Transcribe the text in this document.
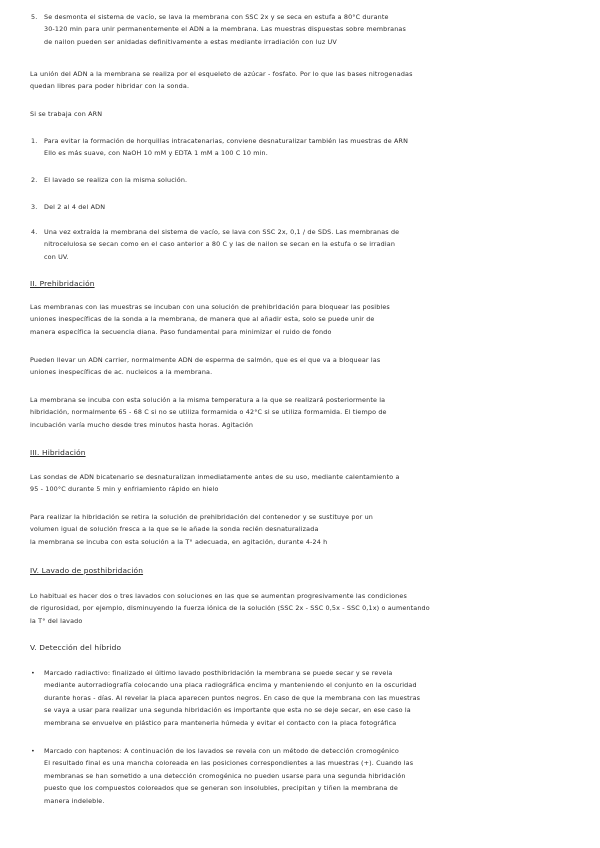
5. Se desmonta el sistema de vacío, se lava la membrana con SSC 2x y se seca en estufa a 80°C durante
30-120 min para unir permanentemente el ADN a la membrana. Las muestras dispuestas sobre membranas
de nailon pueden ser anidadas definitivamente a estas mediante irradiación con luz UV
La unión del ADN a la membrana se realiza por el esqueleto de azúcar - fosfato. Por lo que las bases nitrogenadas
quedan libres para poder hibridar con la sonda.
Si se trabaja con ARN
1. Para evitar la formación de horquillas intracatenarias, conviene desnaturalizar también las muestras de ARN
Ello es más suave, con NaOH 10 mM y EDTA 1 mM a 100 C 10 min.
2. El lavado se realiza con la misma solución.
3. Del 2 al 4 del ADN
4. Una vez extraída la membrana del sistema de vacío, se lava con SSC 2x, 0,1 / de SDS. Las membranas de
nitrocelulosa se secan como en el caso anterior a 80 C y las de nailon se secan en la estufa o se irradian
con UV.
II. Prehibridación
Las membranas con las muestras se incuban con una solución de prehibridación para bloquear las posibles
uniones inespecíficas de la sonda a la membrana, de manera que al añadir esta, solo se puede unir de
manera específica la secuencia diana. Paso fundamental para minimizar el ruido de fondo
Pueden llevar un ADN carrier, normalmente ADN de esperma de salmón, que es el que va a bloquear las
uniones inespecíficas de ac. nucleicos a la membrana.
La membrana se incuba con esta solución a la misma temperatura a la que se realizará posteriormente la
hibridación, normalmente 65 - 68 C si no se utiliza formamida o 42°C si se utiliza formamida. El tiempo de
incubación varía mucho desde tres minutos hasta horas. Agitación
III. Hibridación
Las sondas de ADN bicatenario se desnaturalizan inmediatamente antes de su uso, mediante calentamiento a
95 - 100°C durante 5 min y enfriamiento rápido en hielo
Para realizar la hibridación se retira la solución de prehibridación del contenedor y se sustituye por un
volumen igual de solución fresca a la que se le añade la sonda recién desnaturalizada
la membrana se incuba con esta solución a la T° adecuada, en agitación, durante 4-24 h
IV. Lavado de posthibridación
Lo habitual es hacer dos o tres lavados con soluciones en las que se aumentan progresivamente las condiciones
de rigurosidad, por ejemplo, disminuyendo la fuerza iónica de la solución (SSC 2x - SSC 0,5x - SSC 0,1x) o aumentando
la T° del lavado
V. Detección del híbrido
• Marcado radiactivo: finalizado el último lavado posthibridación la membrana se puede secar y se revela
mediante autorradiografía colocando una placa radiográfica encima y manteniendo el conjunto en la oscuridad
durante horas - días. Al revelar la placa aparecen puntos negros. En caso de que la membrana con las muestras
se vaya a usar para realizar una segunda hibridación es importante que esta no se deje secar, en ese caso la
membrana se envuelve en plástico para mantenerla húmeda y evitar el contacto con la placa fotográfica
• Marcado con haptenos: A continuación de los lavados se revela con un método de detección cromogénico
El resultado final es una mancha coloreada en las posiciones correspondientes a las muestras (+). Cuando las
membranas se han sometido a una detección cromogénica no pueden usarse para una segunda hibridación
puesto que los compuestos coloreados que se generan son insolubles, precipitan y tiñen la membrana de
manera indeleble.
